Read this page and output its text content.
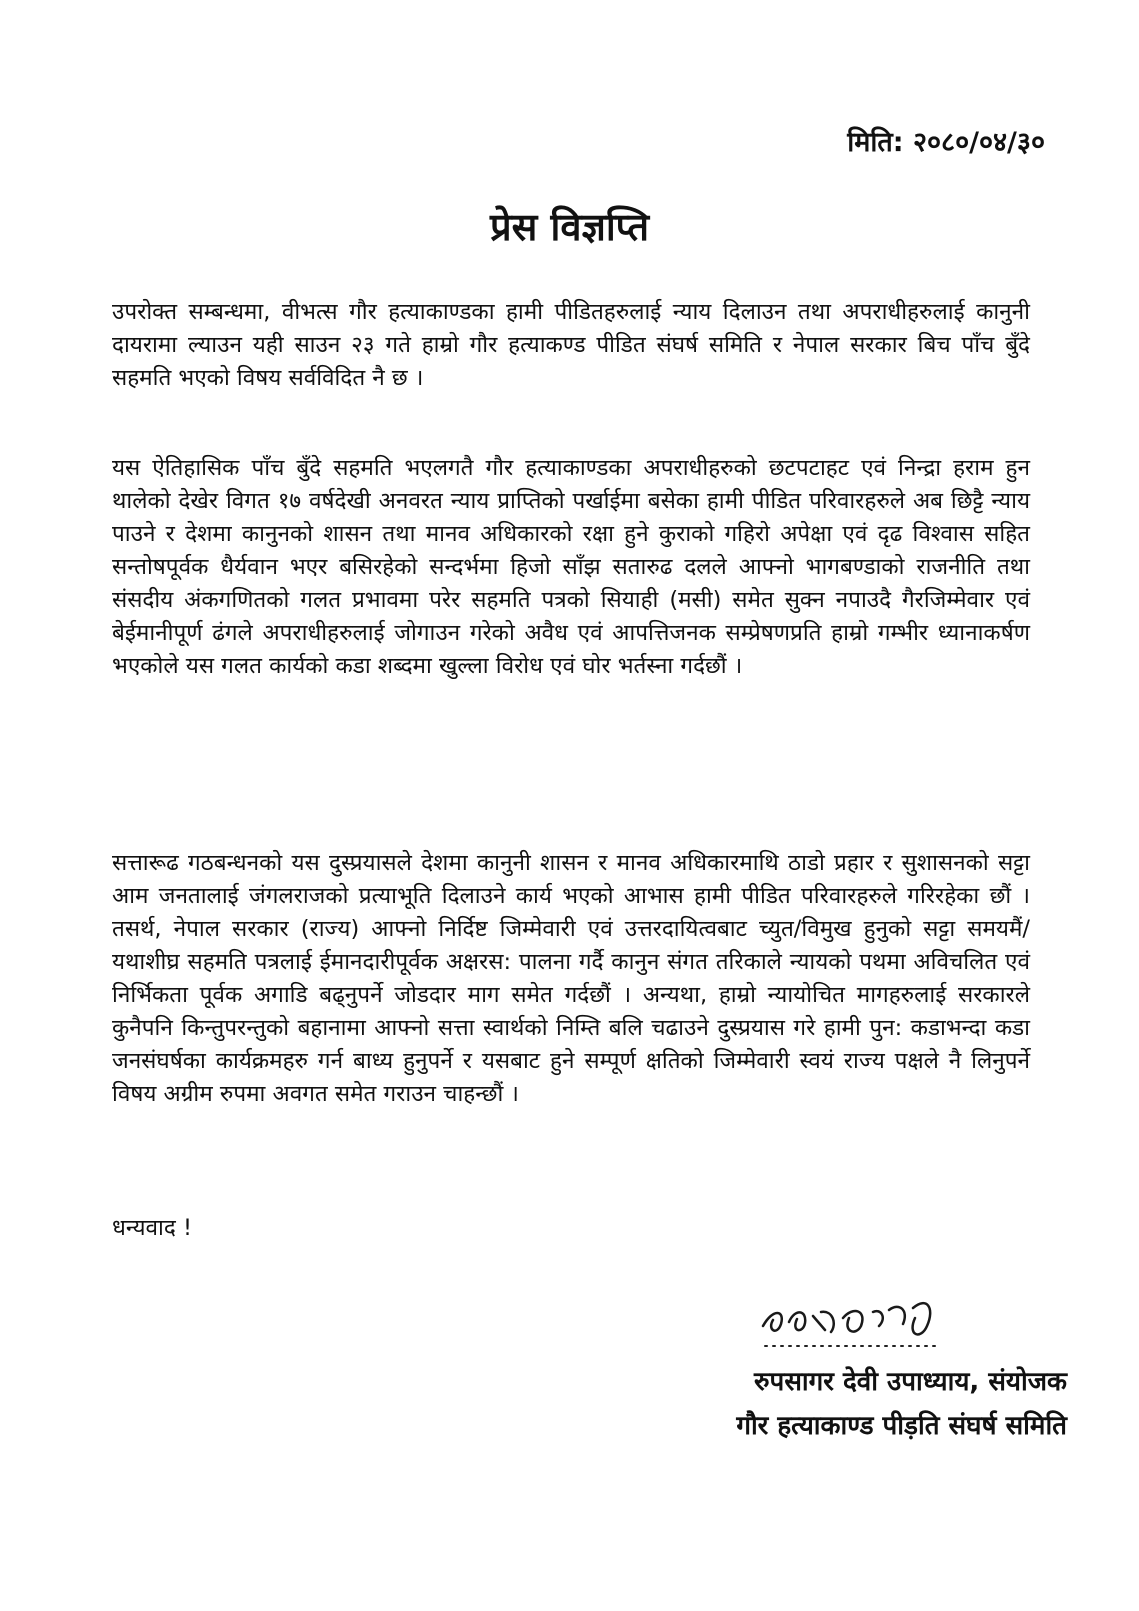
मिति: २०८०/०४/३०
प्रेस विज्ञप्ति

उपरोक्त सम्बन्धमा, वीभत्स गौर हत्याकाण्डका हामी पीडितहरुलाई न्याय दिलाउन तथा अपराधीहरुलाई कानुनी दायरामा ल्याउन यही साउन २३ गते हाम्रो गौर हत्याकण्ड पीडित संघर्ष समिति र नेपाल सरकार बिच पाँच बुँदे सहमति भएको विषय सर्वविदित नै छ ।

यस ऐतिहासिक पाँच बुँदे सहमति भएलगतै गौर हत्याकाण्डका अपराधीहरुको छटपटाहट एवं निन्द्रा हराम हुन थालेको देखेर विगत १७ वर्षदेखी अनवरत न्याय प्राप्तिको पर्खाईमा बसेका हामी पीडित परिवारहरुले अब छिट्टै न्याय पाउने र देशमा कानुनको शासन तथा मानव अधिकारको रक्षा हुने कुराको गहिरो अपेक्षा एवं दृढ विश्वास सहित सन्तोषपूर्वक धैर्यवान भएर बसिरहेको सन्दर्भमा हिजो साँझ सतारुढ दलले आफ्नो भागबण्डाको राजनीति तथा संसदीय अंकगणितको गलत प्रभावमा परेर सहमति पत्रको सियाही (मसी) समेत सुक्न नपाउदै गैरजिम्मेवार एवं बेईमानीपूर्ण ढंगले अपराधीहरुलाई जोगाउन गरेको अवैध एवं आपत्तिजनक सम्प्रेषणप्रति हाम्रो गम्भीर ध्यानाकर्षण भएकोले यस गलत कार्यको कडा शब्दमा खुल्ला विरोध एवं घोर भर्तस्ना गर्दछौं ।

सत्तारूढ गठबन्धनको यस दुस्प्रयासले देशमा कानुनी शासन र मानव अधिकारमाथि ठाडो प्रहार र सुशासनको सट्टा आम जनतालाई जंगलराजको प्रत्याभूति दिलाउने कार्य भएको आभास हामी पीडित परिवारहरुले गरिरहेका छौं । तसर्थ, नेपाल सरकार (राज्य) आफ्नो निर्दिष्ट जिम्मेवारी एवं उत्तरदायित्वबाट च्युत/विमुख हुनुको सट्टा समयमैं/यथाशीघ्र सहमति पत्रलाई ईमानदारीपूर्वक अक्षरस: पालना गर्दै कानुन संगत तरिकाले न्यायको पथमा अविचलित एवं निर्भिकता पूर्वक अगाडि बढ्नुपर्ने जोडदार माग समेत गर्दछौं । अन्यथा, हाम्रो न्यायोचित मागहरुलाई सरकारले कुनैपनि किन्तुपरन्तुको बहानामा आफ्नो सत्ता स्वार्थको निम्ति बलि चढाउने दुस्प्रयास गरे हामी पुन: कडाभन्दा कडा जनसंघर्षका कार्यक्रमहरु गर्न बाध्य हुनुपर्ने र यसबाट हुने सम्पूर्ण क्षतिको जिम्मेवारी स्वयं राज्य पक्षले नै लिनुपर्ने विषय अग्रीम रुपमा अवगत समेत गराउन चाहन्छौं ।

धन्यवाद !
रुपसागर देवी उपाध्याय, संयोजक
गौर हत्याकाण्ड पीड़ति संघर्ष समिति
